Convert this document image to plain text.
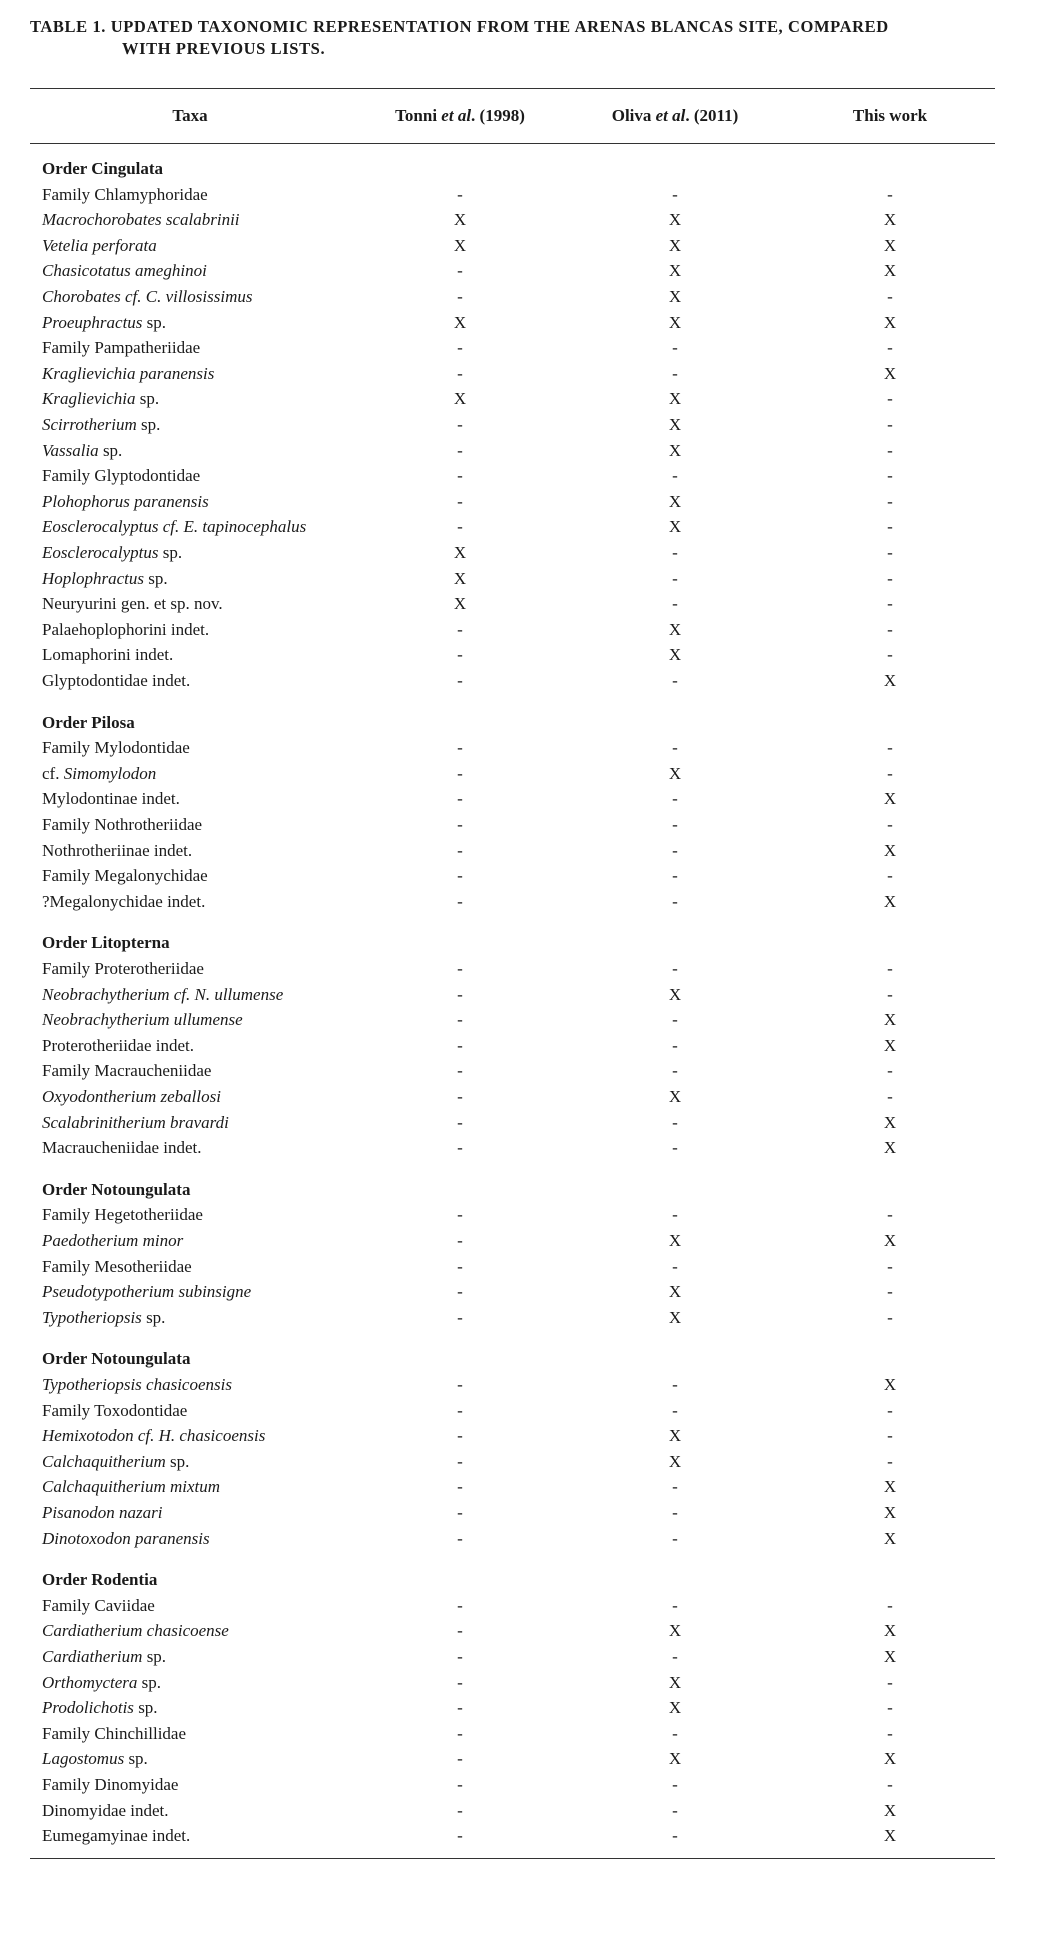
TABLE 1. UPDATED TAXONOMIC REPRESENTATION FROM THE ARENAS BLANCAS SITE, COMPARED
WITH PREVIOUS LISTS.
Taxa	Tonni et al. (1998)	Oliva et al. (2011)	This work
Order Cingulata
Family Chlamyphoridae	-	-	-
Macrochorobates scalabrinii	X	X	X
Vetelia perforata	X	X	X
Chasicotatus ameghinoi	-	X	X
Chorobates cf. C. villosissimus	-	X	-
Proeuphractus sp.	X	X	X
Family Pampatheriidae	-	-	-
Kraglievichia paranensis	-	-	X
Kraglievichia sp.	X	X	-
Scirrotherium sp.	-	X	-
Vassalia sp.	-	X	-
Family Glyptodontidae	-	-	-
Plohophorus paranensis	-	X	-
Eosclerocalyptus cf. E. tapinocephalus	-	X	-
Eosclerocalyptus sp.	X	-	-
Hoplophractus sp.	X	-	-
Neuryurini gen. et sp. nov.	X	-	-
Palaehoplophorini indet.	-	X	-
Lomaphorini indet.	-	X	-
Glyptodontidae indet.	-	-	X
Order Pilosa
Family Mylodontidae	-	-	-
cf. Simomylodon	-	X	-
Mylodontinae indet.	-	-	X
Family Nothrotheriidae	-	-	-
Nothrotheriinae indet.	-	-	X
Family Megalonychidae	-	-	-
?Megalonychidae indet.	-	-	X
Order Litopterna
Family Proterotheriidae	-	-	-
Neobrachytherium cf. N. ullumense	-	X	-
Neobrachytherium ullumense	-	-	X
Proterotheriidae indet.	-	-	X
Family Macraucheniidae	-	-	-
Oxyodontherium zeballosi	-	X	-
Scalabrinitherium bravardi	-	-	X
Macraucheniidae indet.	-	-	X
Order Notoungulata
Family Hegetotheriidae	-	-	-
Paedotherium minor	-	X	X
Family Mesotheriidae	-	-	-
Pseudotypotherium subinsigne	-	X	-
Typotheriopsis sp.	-	X	-
Order Notoungulata
Typotheriopsis chasicoensis	-	-	X
Family Toxodontidae	-	-	-
Hemixotodon cf. H. chasicoensis	-	X	-
Calchaquitherium sp.	-	X	-
Calchaquitherium mixtum	-	-	X
Pisanodon nazari	-	-	X
Dinotoxodon paranensis	-	-	X
Order Rodentia
Family Caviidae	-	-	-
Cardiatherium chasicoense	-	X	X
Cardiatherium sp.	-	-	X
Orthomyctera sp.	-	X	-
Prodolichotis sp.	-	X	-
Family Chinchillidae	-	-	-
Lagostomus sp.	-	X	X
Family Dinomyidae	-	-	-
Dinomyidae indet.	-	-	X
Eumegamyinae indet.	-	-	X
